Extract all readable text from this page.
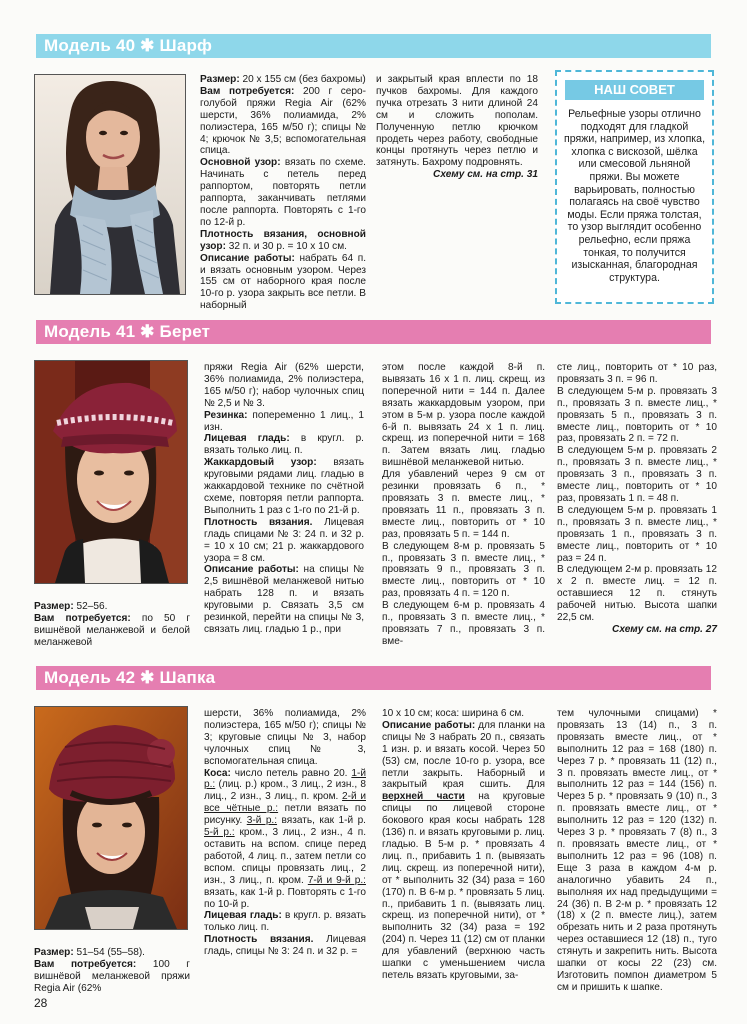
Модель 40 ✱ Шарф

Размер: 20 х 155 см (без бахромы)

Вам потребуется: 200 г серо-голубой пряжи Regia Air (62% шерсти, 36% полиамида, 2% полиэстера, 165 м/50 г); спицы № 4; крючок № 3,5; вспомогательная спица.

Основной узор: вязать по схеме. Начинать с петель перед раппортом, повторять петли раппорта, заканчивать петлями после раппорта. Повторять с 1-го по 12-й р.

Плотность вязания, основной узор: 32 п. и 30 р. = 10 х 10 см.

Описание работы: набрать 64 п. и вязать основным узором. Через 155 см от наборного края после 10-го р. узора закрыть все петли. В наборный

и закрытый края вплести по 18 пучков бахромы. Для каждого пучка отрезать 3 нити длиной 24 см и сложить пополам. Полученную петлю крючком продеть через работу, свободные концы протянуть через петлю и затянуть. Бахрому подровнять.

Схему см. на стр. 31

НАШ СОВЕТ
Рельефные узоры отлично подходят для гладкой пряжи, например, из хлопка, хлопка с вискозой, шёлка или смесовой льняной пряжи. Вы можете варьировать, полностью полагаясь на своё чувство моды. Если пряжа толстая, то узор выглядит особенно рельефно, если пряжа тонкая, то получится изысканная, благородная структура.
Модель 41 ✱ Берет

Размер: 52–56.

Вам потребуется: по 50 г вишнёвой меланжевой и белой меланжевой

пряжи Regia Air (62% шерсти, 36% полиамида, 2% полиэстера, 165 м/50 г); набор чулочных спиц № 2,5 и № 3.

Резинка: попеременно 1 лиц., 1 изн.

Лицевая гладь: в кругл. р. вязать только лиц. п.

Жаккардовый узор: вязать круговыми рядами лиц. гладью в жаккардовой технике по счётной схеме, повторяя петли раппорта. Выполнить 1 раз с 1-го по 21-й р.

Плотность вязания. Лицевая гладь спицами № 3: 24 п. и 32 р. = 10 х 10 см; 21 р. жаккардового узора = 8 см.

Описание работы: на спицы № 2,5 вишнёвой меланжевой нитью набрать 128 п. и вязать круговыми р. Связать 3,5 см резинкой, перейти на спицы № 3, связать лиц. гладью 1 р., при

этом после каждой 8-й п. вывязать 16 х 1 п. лиц. скрещ. из поперечной нити = 144 п. Далее вязать жаккардовым узором, при этом в 5-м р. узора после каждой 6-й п. вывязать 24 х 1 п. лиц. скрещ. из поперечной нити = 168 п. Затем вязать лиц. гладью вишнёвой меланжевой нитью.

Для убавлений через 9 см от резинки провязать 6 п., * провязать 3 п. вместе лиц., * провязать 11 п., провязать 3 п. вместе лиц., повторить от * 10 раз, провязать 5 п. = 144 п.

В следующем 8-м р. провязать 5 п., провязать 3 п. вместе лиц., * провязать 9 п., провязать 3 п. вместе лиц., повторить от * 10 раз, провязать 4 п. = 120 п.

В следующем 6-м р. провязать 4 п., провязать 3 п. вместе лиц., * провязать 7 п., провязать 3 п. вме-

сте лиц., повторить от * 10 раз, провязать 3 п. = 96 п.

В следующем 5-м р. провязать 3 п., провязать 3 п. вместе лиц., * провязать 5 п., провязать 3 п. вместе лиц., повторить от * 10 раз, провязать 2 п. = 72 п.

В следующем 5-м р. провязать 2 п., провязать 3 п. вместе лиц., * провязать 3 п., провязать 3 п. вместе лиц., повторить от * 10 раз, провязать 1 п. = 48 п.

В следующем 5-м р. провязать 1 п., провязать 3 п. вместе лиц., * провязать 1 п., провязать 3 п. вместе лиц., повторить от * 10 раз = 24 п.

В следующем 2-м р. провязать 12 х 2 п. вместе лиц. = 12 п. оставшиеся 12 п. стянуть рабочей нитью. Высота шапки 22,5 см.

Схему см. на стр. 27

Модель 42 ✱ Шапка

Размер: 51–54 (55–58).

Вам потребуется: 100 г вишнёвой меланжевой пряжи Regia Air (62%

шерсти, 36% полиамида, 2% полиэстера, 165 м/50 г); спицы № 3; круговые спицы № 3, набор чулочных спиц № 3, вспомогательная спица.

Коса: число петель равно 20. 1-й р.: (лиц. р.) кром., 3 лиц., 2 изн., 8 лиц., 2 изн., 3 лиц., п. кром. 2-й и все чётные р.: петли вязать по рисунку. 3-й р.: вязать, как 1-й р. 5-й р.: кром., 3 лиц., 2 изн., 4 п. оставить на вспом. спице перед работой, 4 лиц. п., затем петли со вспом. спицы провязать лиц., 2 изн., 3 лиц., п. кром. 7-й и 9-й р.: вязать, как 1-й р. Повторять с 1-го по 10-й р.

Лицевая гладь: в кругл. р. вязать только лиц. п.

Плотность вязания. Лицевая гладь, спицы № 3: 24 п. и 32 р. =

10 х 10 см; коса: ширина 6 см.

Описание работы: для планки на спицы № 3 набрать 20 п., связать 1 изн. р. и вязать косой. Через 50 (53) см, после 10-го р. узора, все петли закрыть. Наборный и закрытый края сшить. Для верхней части на круговые спицы по лицевой стороне бокового края косы набрать 128 (136) п. и вязать круговыми р. лиц. гладью. В 5-м р. * провязать 4 лиц. п., прибавить 1 п. (вывязать лиц. скрещ. из поперечной нити), от * выполнить 32 (34) раза = 160 (170) п. В 6-м р. * провязать 5 лиц. п., прибавить 1 п. (вывязать лиц. скрещ. из поперечной нити), от * выполнить 32 (34) раза = 192 (204) п. Через 11 (12) см от планки для убавлений (верхнюю часть шапки с уменьшением числа петель вязать круговыми, за-

тем чулочными спицами) * провязать 13 (14) п., 3 п. провязать вместе лиц., от * выполнить 12 раз = 168 (180) п. Через 7 р. * провязать 11 (12) п., 3 п. провязать вместе лиц., от * выполнить 12 раз = 144 (156) п. Через 5 р. * провязать 9 (10) п., 3 п. провязать вместе лиц., от * выполнить 12 раз = 120 (132) п. Через 3 р. * провязать 7 (8) п., 3 п. провязать вместе лиц., от * выполнить 12 раз = 96 (108) п. Еще 3 раза в каждом 4-м р. аналогично убавить 24 п., выполняя их над предыдущими = 24 (36) п. В 2-м р. * провязать 12 (18) х (2 п. вместе лиц.), затем обрезать нить и 2 раза протянуть через оставшиеся 12 (18) п., туго стянуть и закрепить нить. Высота шапки от косы 22 (23) см. Изготовить помпон диаметром 5 см и пришить к шапке.

28
